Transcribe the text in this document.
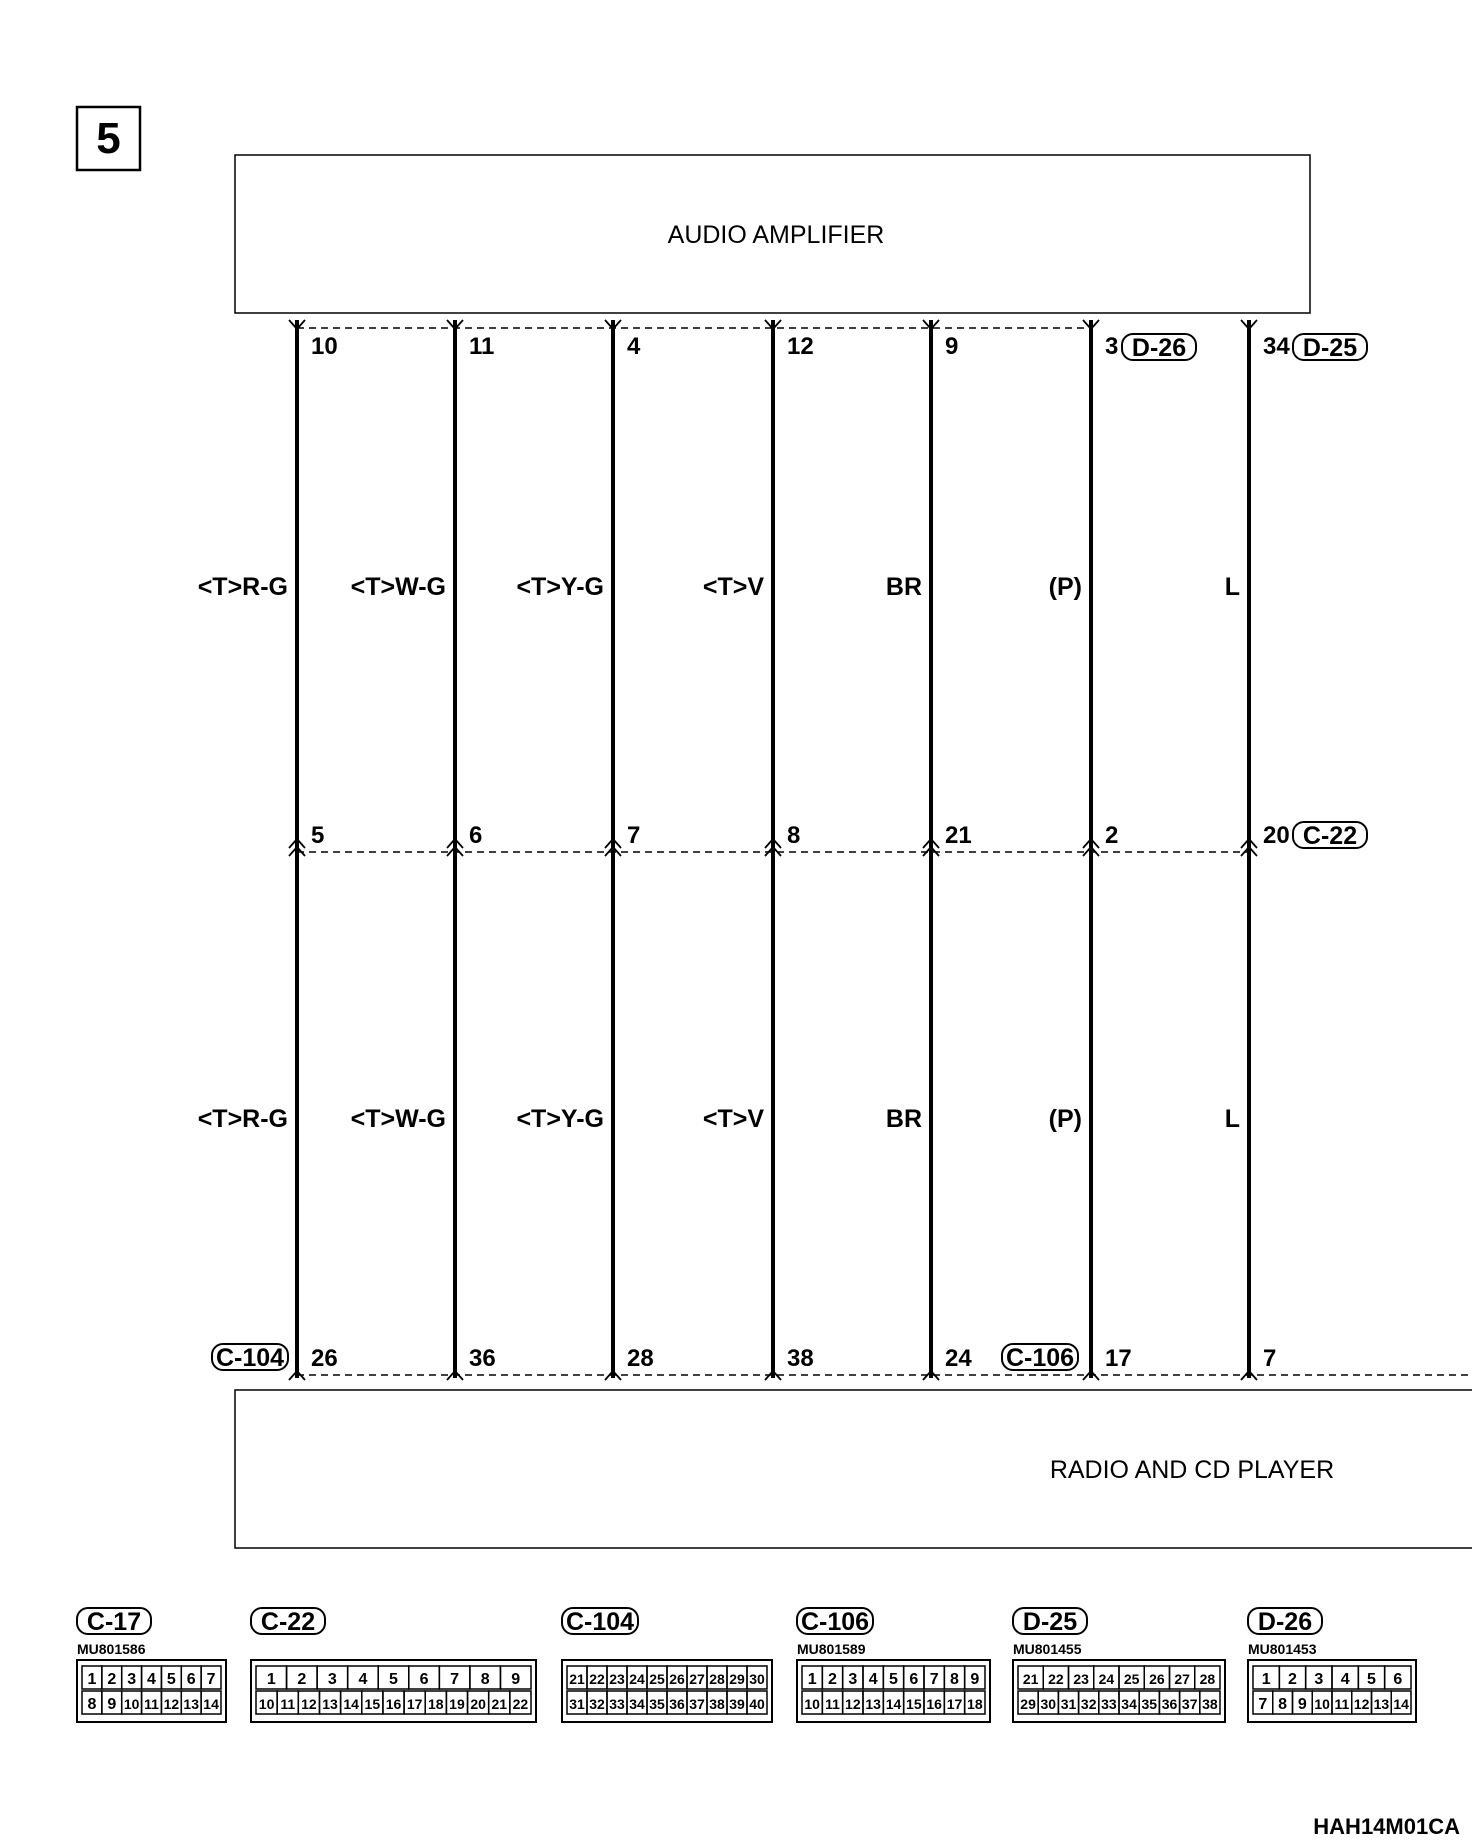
5
AUDIO AMPLIFIER
RADIO AND CD PLAYER
10
5
26
<T>R-G
<T>R-G
11
6
36
<T>W-G
<T>W-G
4
7
28
<T>Y-G
<T>Y-G
12
8
38
<T>V
<T>V
9
21
24
BR
BR
3
2
17
(P)
(P)
34
20
7
L
L
D-26	D-25
C-22
C-104	C-106
C-17
MU801586
1 2 3 4 5 6 7
8 9 10 11 12 13 14
C-22
1 2 3 4 5 6 7 8 9
10 11 12 13 14 15 16 17 18 19 20 21 22
C-104
21 22 23 24 25 26 27 28 29 30
31 32 33 34 35 36 37 38 39 40
C-106
MU801589
1 2 3 4 5 6 7 8 9
10 11 12 13 14 15 16 17 18
D-25
MU801455
21 22 23 24 25 26 27 28
29 30 31 32 33 34 35 36 37 38
D-26
MU801453
1 2 3 4 5 6
7 8 9 10 11 12 13 14
HAH14M01CA
